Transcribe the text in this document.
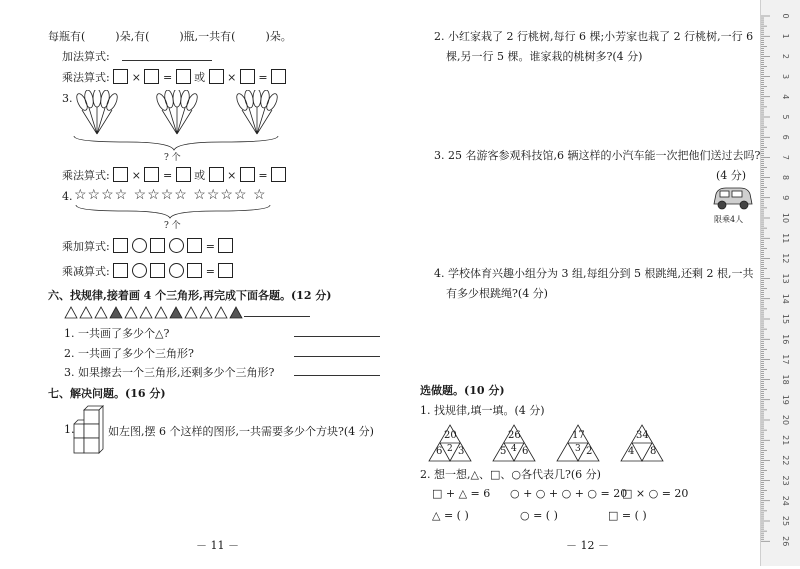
每瓶有(	)朵,有(	)瓶,一共有(	)朵。
加法算式:
乘法算式: × = 或 × =
3.
? 个
乘法算式: × = 或 × =
4. ☆☆☆☆ ☆☆☆☆ ☆☆☆☆ ☆
? 个
乘加算式:	=
乘减算式:	=
六、找规律,接着画 4 个三角形,再完成下面各题。(12 分)
1. 一共画了多少个△?
2. 一共画了多少个三角形?
3. 如果擦去一个三角形,还剩多少个三角形?
七、解决问题。(16 分)
1.	如左图,摆 6 个这样的图形,一共需要多少个方块?(4 分)
－ 11 －
2. 小红家栽了 2 行桃树,每行 6 棵;小芳家也栽了 2 行桃树,一行 6
棵,另一行 5 棵。谁家栽的桃树多?(4 分)
3. 25 名游客参观科技馆,6 辆这样的小汽车能一次把他们送过去吗?
(4 分)
限乘4人
4. 学校体育兴趣小组分为 3 组,每组分到 5 根跳绳,还剩 2 根,一共
有多少根跳绳?(4 分)
选做题。(10 分)
1. 找规律,填一填。(4 分)
20
6 2 3
26
5 4 6
17
3 2
34
4 8
2. 想一想,△、□、○各代表几?(6 分)
□ + △ = 6 ○ + ○ + ○ + ○ = 20
□ × ○ = 20
△ = ( )	○ = ( )	□ = ( )
－ 12 －
0
1
2
3
4
5
6
7
8
9
10
11
12
13
14
15
16
17
18
19
20
21
22
23
24
25
26
